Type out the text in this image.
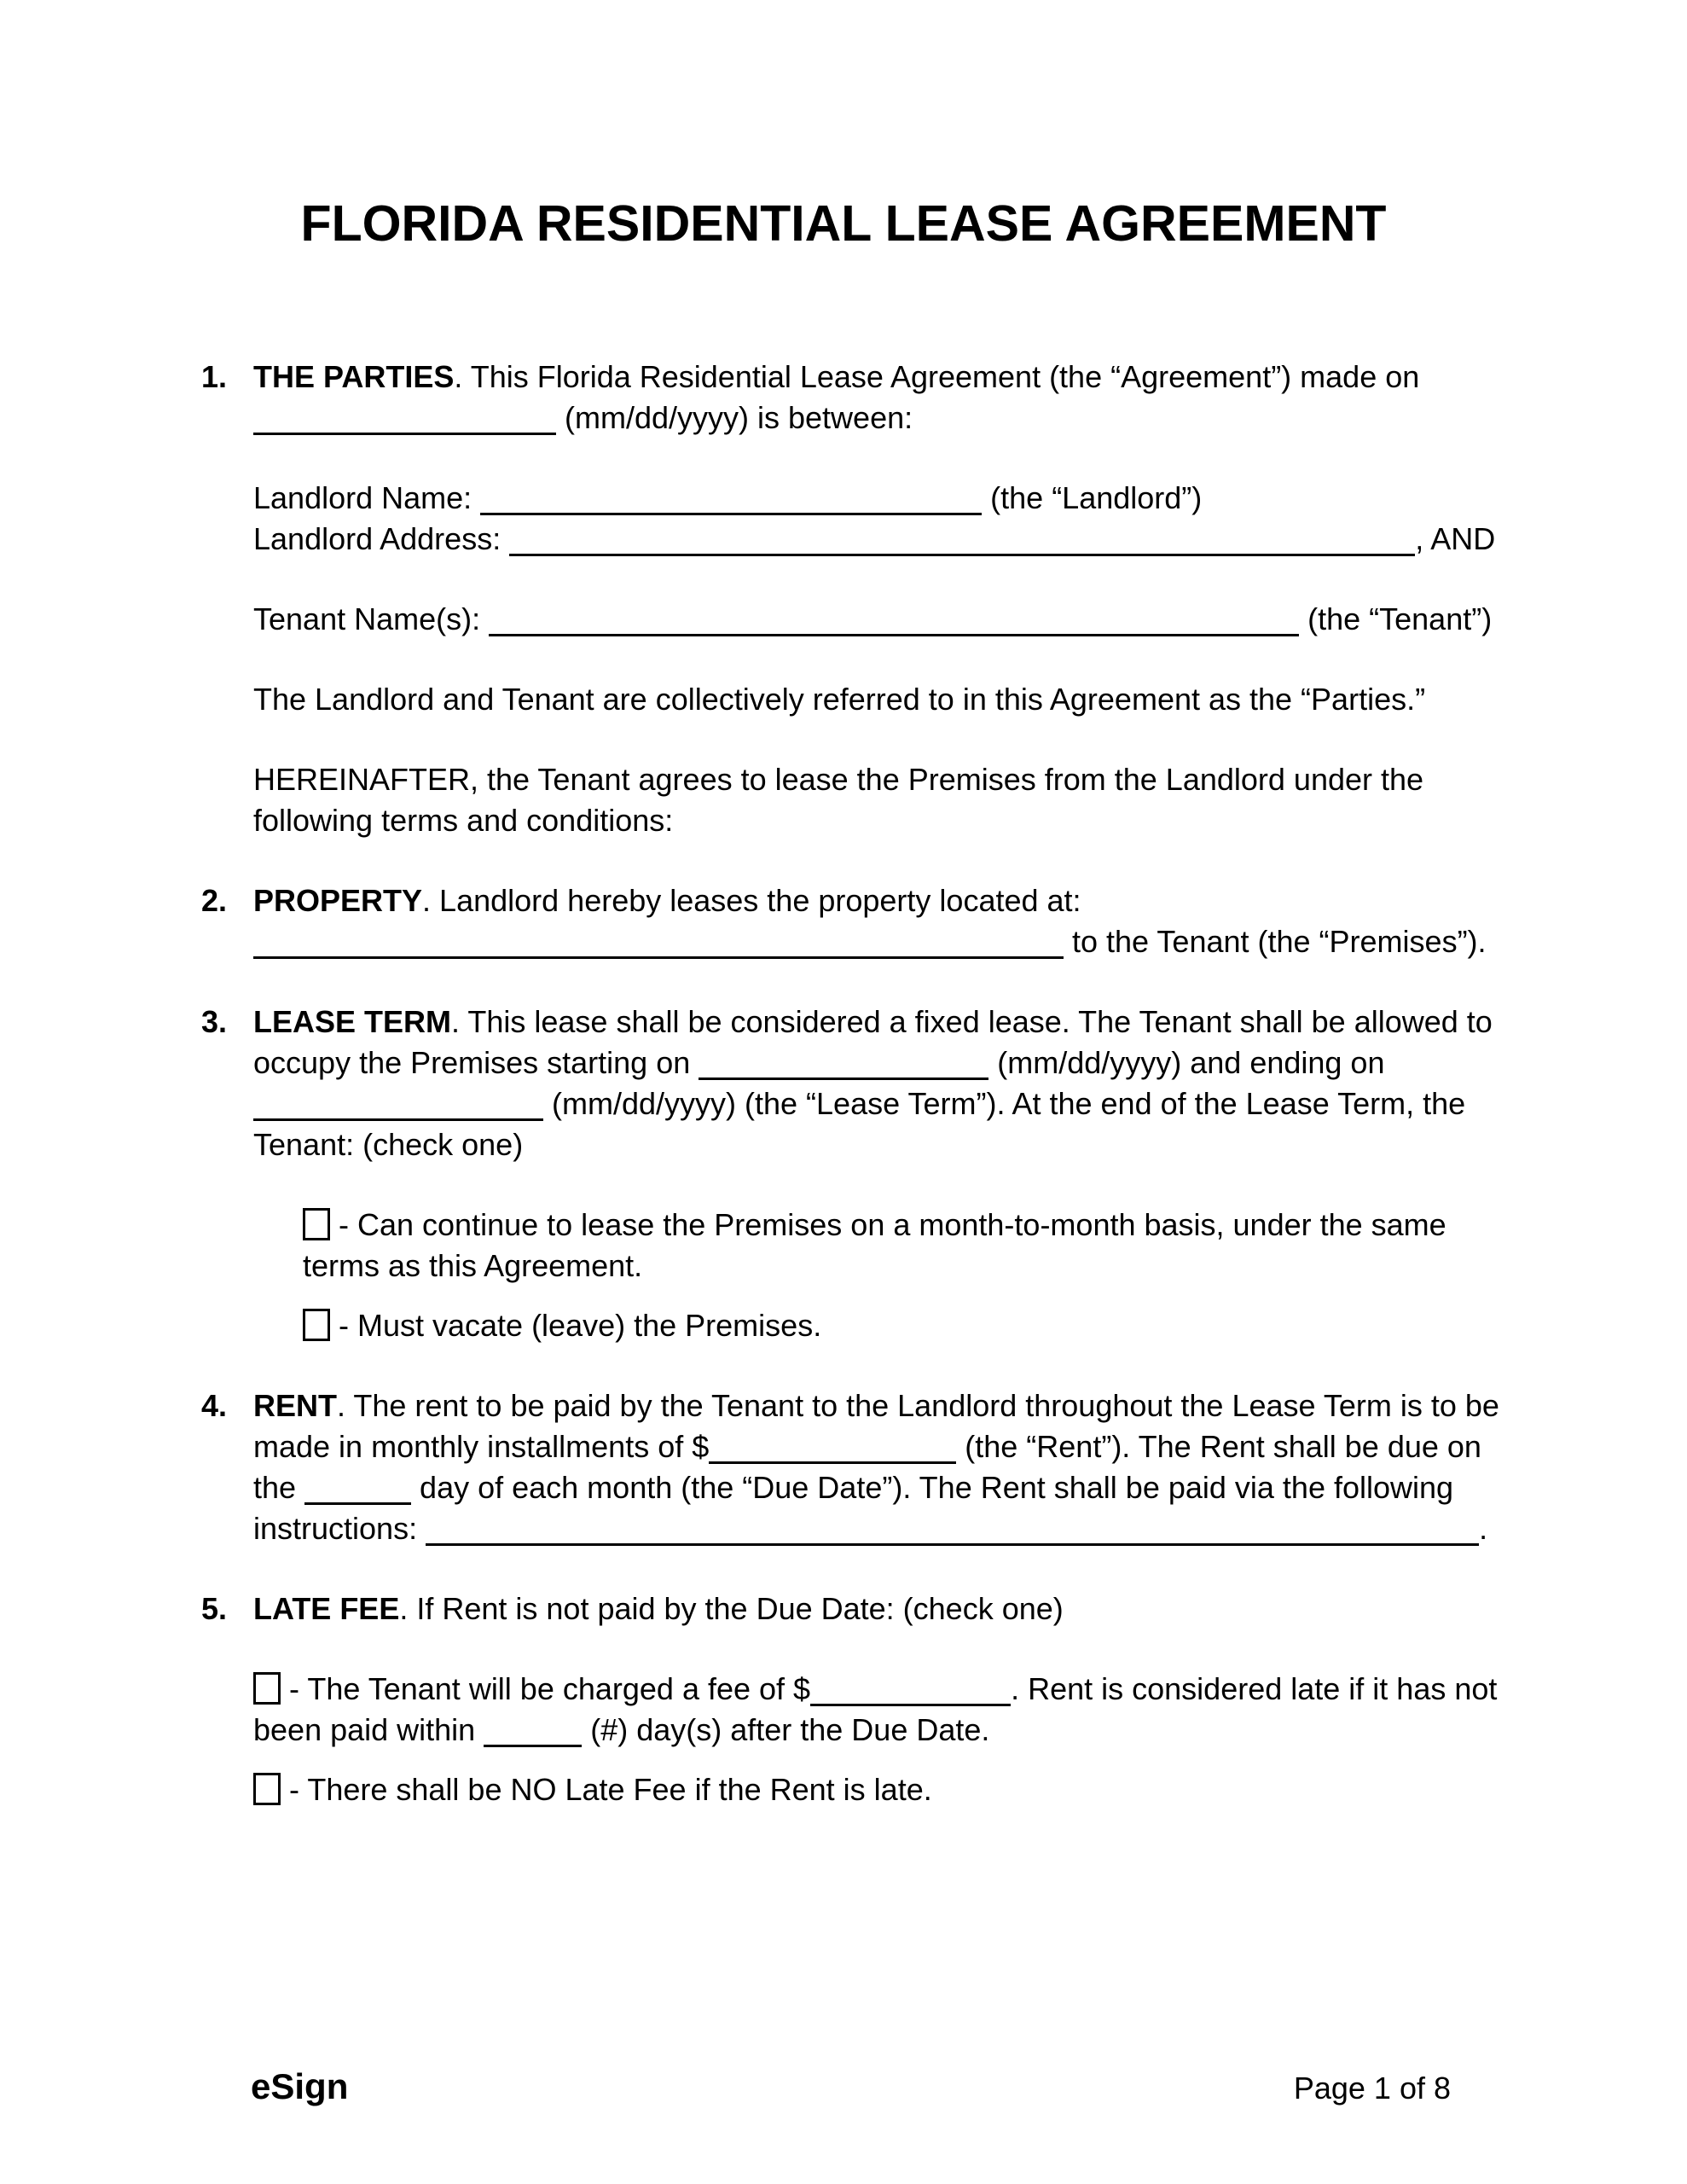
FLORIDA RESIDENTIAL LEASE AGREEMENT
1. THE PARTIES. This Florida Residential Lease Agreement (the “Agreement”) made on  (mm/dd/yyyy) is between:
Landlord Name:	(the “Landlord”)
Landlord Address:	, AND
Tenant Name(s):	(the “Tenant”)
The Landlord and Tenant are collectively referred to in this Agreement as the “Parties.”
HEREINAFTER, the Tenant agrees to lease the Premises from the Landlord under the following terms and conditions:
2. PROPERTY. Landlord hereby leases the property located at:  to the Tenant (the “Premises”).
3. LEASE TERM. This lease shall be considered a fixed lease. The Tenant shall be allowed to occupy the Premises starting on	(mm/dd/yyyy) and ending on  (mm/dd/yyyy) (the “Lease Term”). At the end of the Lease Term, the Tenant: (check one)
- Can continue to lease the Premises on a month-to-month basis, under the same terms as this Agreement.
- Must vacate (leave) the Premises.
4. RENT. The rent to be paid by the Tenant to the Landlord throughout the Lease Term is to be made in monthly installments of $	(the “Rent”). The Rent shall be due on the	day of each month (the “Due Date”). The Rent shall be paid via the following instructions:	.
5. LATE FEE. If Rent is not paid by the Due Date: (check one)
- The Tenant will be charged a fee of $	. Rent is considered late if it has not been paid within	(#) day(s) after the Due Date.
- There shall be NO Late Fee if the Rent is late.
eSign	Page 1 of 8
